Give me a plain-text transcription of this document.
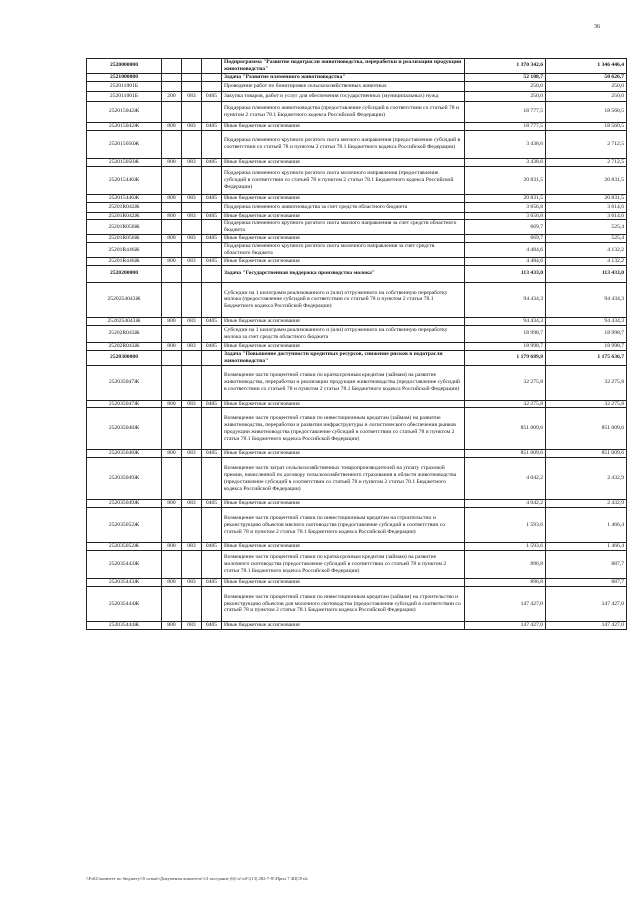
36
2520000000				Подпрограмма "Развитие подотрасли животноводства, переработки и реализации продукции животноводства"	1 370 342,6	1 346 446,4
2521000000				Задача "Развитие племенного животноводства"	52 108,7	50 626,7
252011001Б				Проведение работ по бонитировке сельскохозяйственных животных	250,0	250,0
252011001Б	200	083	0405	Закупка товаров, работ и услуг для обеспечения государственных (муниципальных) нужд	250,0	250,0
252015042Ж				Поддержка племенного животноводства (предоставление субсидий в соответствии со статьей 78 и пунктом 2 статьи 78.1 Бюджетного кодекса Российской Федерации)	18 777,5	18 560,5
252015042Ж	800	083	0405	Иные бюджетные ассигнования	18 777,5	18 560,5
252015050Ж				Поддержка племенного крупного рогатого скота мясного направления (предоставление субсидий в соответствии со статьей 78 и пунктом 2 статьи 78.1 Бюджетного кодекса Российской Федерации)	3 438,6	2 712,5
252015050Ж	800	083	0405	Иные бюджетные ассигнования	3 438,6	2 712,5
252015446Ж				Поддержка племенного крупного рогатого скота молочного направления (предоставление субсидий в соответствии со статьей 78 и пунктом 2 статьи 78.1 Бюджетного кодекса Российской Федерации)	20 831,5	20 831,5
252015446Ж	800	083	0405	Иные бюджетные ассигнования	20 831,5	20 831,5
25201R042Ж				Поддержка племенного животноводства за счет средств областного бюджета	3 656,8	3 614,6
25201R042Ж	800	083	0405	Иные бюджетные ассигнования	3 656,8	3 614,6
25201R050Ж				Поддержка племенного крупного рогатого скота мясного направления за счет средств областного бюджета	669,7	525,4
25201R050Ж	800	083	0405	Иные бюджетные ассигнования	669,7	525,4
25201R446Ж				Поддержка племенного крупного рогатого скота молочного направления за счет средств областного бюджета	4 484,6	4 132,2
25201R446Ж	800	083	0405	Иные бюджетные ассигнования	4 484,6	4 132,2
2520200000				Задача "Государственная поддержка производства молока"	113 433,0	113 433,0
2520254043Ж				Субсидии на 1 килограмм реализованного и (или) отгруженного на собственную переработку молока (предоставление субсидий в соответствии со статьей 78 и пунктом 2 статьи 78.1 Бюджетного кодекса Российской Федерации)	94 434,3	94 434,3
2520254043Ж	800	083	0405	Иные бюджетные ассигнования	94 434,3	94 434,3
25202R043Ж				Субсидии на 1 килограмм реализованного и (или) отгруженного на собственную переработку молока за счет средств областного бюджета	18 998,7	18 998,7
25202R043Ж	800	083	0405	Иные бюджетные ассигнования	18 998,7	18 998,7
2520300000				Задача "Повышение доступности кредитных ресурсов, снижение рисков в подотрасли животноводства"	1 179 689,8	1 175 636,7
252035047Ж				Возмещение части процентной ставки по краткосрочным кредитам (займам) на развитие животноводства, переработки и реализации продукции животноводства (предоставление субсидий в соответствии со статьей 78 и пунктом 2 статьи 78.1 Бюджетного кодекса Российской Федерации)	32 275,8	32 275,8
252035047Ж	800	083	0405	Иные бюджетные ассигнования	32 275,8	32 275,8
252035048Ж				Возмещение части процентной ставки по инвестиционным кредитам (займам) на развитие животноводства, переработки и развития инфраструктуры и логистического обеспечения рынков продукции животноводства (предоставление субсидий в соответствии со статьей 78 и пунктом 2 статьи 78.1 Бюджетного кодекса Российской Федерации)	851 009,6	851 009,6
252035048Ж	800	083	0405	Иные бюджетные ассигнования	851 009,6	851 009,6
252035049Ж				Возмещение части затрат сельскохозяйственных товаропроизводителей на уплату страховой премии, начисленной по договору сельскохозяйственного страхования в области животноводства (предоставление субсидий в соответствии со статьей 78 и пунктом 2 статьи 78.1 Бюджетного кодекса Российской Федерации)	4 042,2	2 432,9
252035049Ж	800	083	0405	Иные бюджетные ассигнования	4 042,2	2 432,9
252035052Ж				Возмещение части процентной ставки по инвестиционным кредитам на строительство и реконструкцию объектов мясного скотоводства (предоставление субсидий в соответствии со статьей 78 и пунктом 2 статьи 78.1 Бюджетного кодекса Российской Федерации)	1 593,6	1 466,4
252035052Ж	800	083	0405	Иные бюджетные ассигнования	1 593,6	1 466,4
252035443Ж				Возмещение части процентной ставки по краткосрочным кредитам (займам) на развитие молочного скотоводства (предоставление субсидий в соответствии со статьей 78 и пунктом 2 статьи 78.1 Бюджетного кодекса Российской Федерации)	896,8	887,7
252035443Ж	800	083	0405	Иные бюджетные ассигнования	896,8	887,7
252035444Ж				Возмещение части процентной ставки по инвестиционным кредитам (займам) на строительство и реконструкцию объектов для молочного скотоводства (предоставление субсидий в соответствии со статьей 78 и пунктом 2 статьи 78.1 Бюджетного кодекса Российской Федерации)	147 427,0	147 427,0
252035444Ж	800	083	0405	Иные бюджетные ассигнования	147 427,0	147 427,0
\\Fs02\\комитет по бюджету\\8 созыв\\Документы комитета\\13 заседание (6)\\л\\об\\(13) 282-7-8\\Прил 7 4ЦСР.xls
